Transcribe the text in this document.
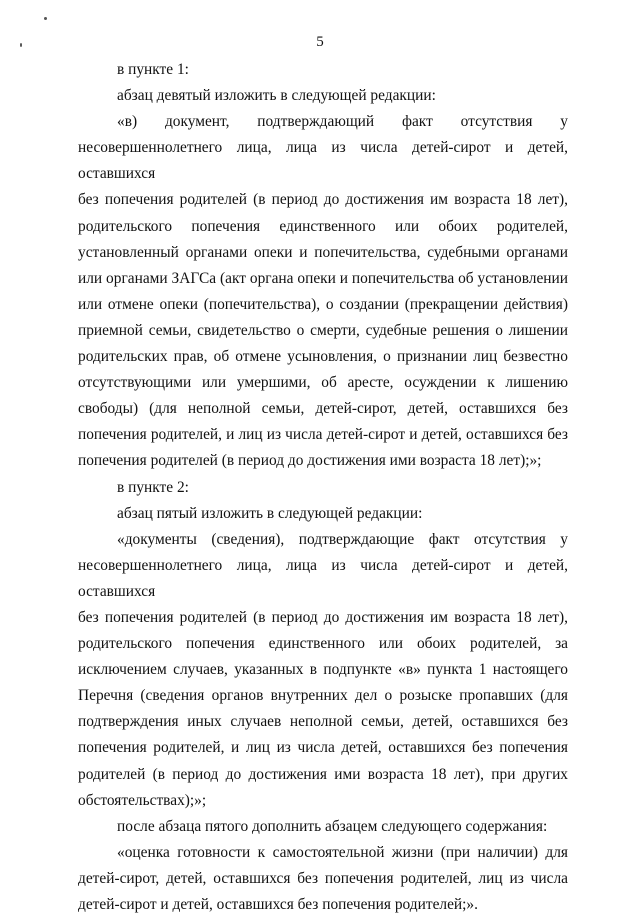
5
в пункте 1:
абзац девятый изложить в следующей редакции:
«в) документ, подтверждающий факт отсутствия у
несовершеннолетнего лица, лица из числа детей-сирот и детей, оставшихся
без попечения родителей (в период до достижения им возраста 18 лет),
родительского попечения единственного или обоих родителей,
установленный органами опеки и попечительства, судебными органами
или органами ЗАГСа (акт органа опеки и попечительства об установлении
или отмене опеки (попечительства), о создании (прекращении действия)
приемной семьи, свидетельство о смерти, судебные решения о лишении
родительских прав, об отмене усыновления, о признании лиц безвестно
отсутствующими или умершими, об аресте, осуждении к лишению
свободы) (для неполной семьи, детей-сирот, детей, оставшихся без
попечения родителей, и лиц из числа детей-сирот и детей, оставшихся без
попечения родителей (в период до достижения ими возраста 18 лет);»;
в пункте 2:
абзац пятый изложить в следующей редакции:
«документы (сведения), подтверждающие факт отсутствия у
несовершеннолетнего лица, лица из числа детей-сирот и детей, оставшихся
без попечения родителей (в период до достижения им возраста 18 лет),
родительского попечения единственного или обоих родителей, за
исключением случаев, указанных в подпункте «в» пункта 1 настоящего
Перечня (сведения органов внутренних дел о розыске пропавших (для
подтверждения иных случаев неполной семьи, детей, оставшихся без
попечения родителей, и лиц из числа детей, оставшихся без попечения
родителей (в период до достижения ими возраста 18 лет), при других
обстоятельствах);»;
после абзаца пятого дополнить абзацем следующего содержания:
«оценка готовности к самостоятельной жизни (при наличии) для
детей-сирот, детей, оставшихся без попечения родителей, лиц из числа
детей-сирот и детей, оставшихся без попечения родителей;».
